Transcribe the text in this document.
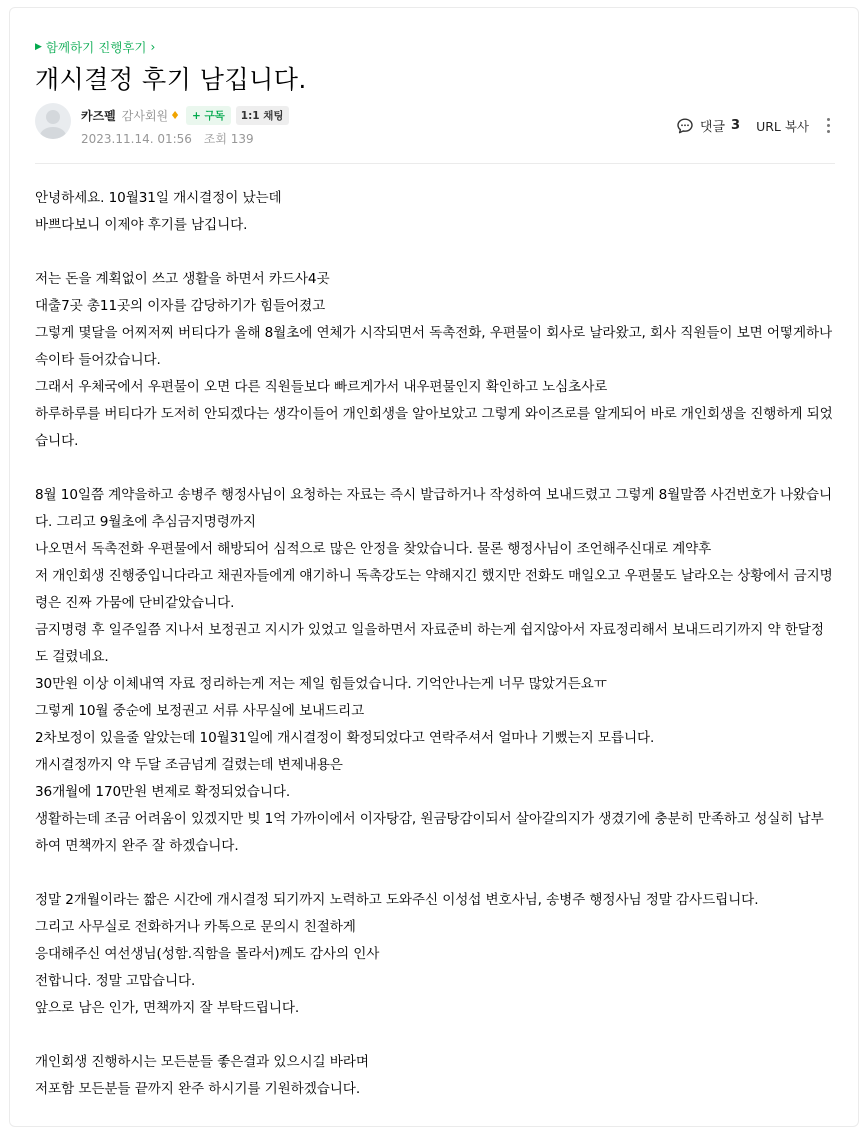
▶ 함께하기 진행후기 ›
개시결정 후기 남깁니다.
카즈펠 감사회원 ♦	+ 구독	1:1 채팅
2023.11.14. 01:56 조회 139
댓글 3 URL 복사

안녕하세요. 10월31일 개시결정이 났는데

바쁘다보니 이제야 후기를 남깁니다.

저는 돈을 계획없이 쓰고 생활을 하면서 카드사4곳

대출7곳 총11곳의 이자를 감당하기가 힘들어졌고

그렇게 몇달을 어찌저찌 버티다가 올해 8월초에 연체가 시작되면서 독촉전화, 우편물이 회사로 날라왔고, 회사 직원들이 보면 어떻게하나 속이타 들어갔습니다.

그래서 우체국에서 우편물이 오면 다른 직원들보다 빠르게가서 내우편물인지 확인하고 노심초사로

하루하루를 버티다가 도저히 안되겠다는 생각이들어 개인회생을 알아보았고 그렇게 와이즈로를 알게되어 바로 개인회생을 진행하게 되었습니다.

8월 10일쯤 계약을하고 송병주 행정사님이 요청하는 자료는 즉시 발급하거나 작성하여 보내드렸고 그렇게 8월말쯤 사건번호가 나왔습니다. 그리고 9월초에 추심금지명령까지

나오면서 독촉전화 우편물에서 해방되어 심적으로 많은 안정을 찾았습니다. 물론 행정사님이 조언해주신대로 계약후

저 개인회생 진행중입니다라고 채권자들에게 얘기하니 독촉강도는 약해지긴 했지만 전화도 매일오고 우편물도 날라오는 상황에서 금지명령은 진짜 가뭄에 단비같았습니다.

금지명령 후 일주일쯤 지나서 보정권고 지시가 있었고 일을하면서 자료준비 하는게 쉽지않아서 자료정리해서 보내드리기까지 약 한달정도 걸렸네요.

30만원 이상 이체내역 자료 정리하는게 저는 제일 힘들었습니다. 기억안나는게 너무 많았거든요ㅠ

그렇게 10월 중순에 보정권고 서류 사무실에 보내드리고

2차보정이 있을줄 알았는데 10월31일에 개시결정이 확정되었다고 연락주셔서 얼마나 기뻤는지 모릅니다.

개시결정까지 약 두달 조금넘게 걸렸는데 변제내용은

36개월에 170만원 변제로 확정되었습니다.

생활하는데 조금 어려움이 있겠지만 빚 1억 가까이에서 이자탕감, 원금탕감이되서 살아갈의지가 생겼기에 충분히 만족하고 성실히 납부하여 면책까지 완주 잘 하겠습니다.

정말 2개월이라는 짧은 시간에 개시결정 되기까지 노력하고 도와주신 이성섭 변호사님, 송병주 행정사님 정말 감사드립니다.

그리고 사무실로 전화하거나 카톡으로 문의시 친절하게

응대해주신 여선생님(성함.직함을 몰라서)께도 감사의 인사

전합니다. 정말 고맙습니다.

앞으로 남은 인가, 면책까지 잘 부탁드립니다.

개인회생 진행하시는 모든분들 좋은결과 있으시길 바라며

저포함 모든분들 끝까지 완주 하시기를 기원하겠습니다.
